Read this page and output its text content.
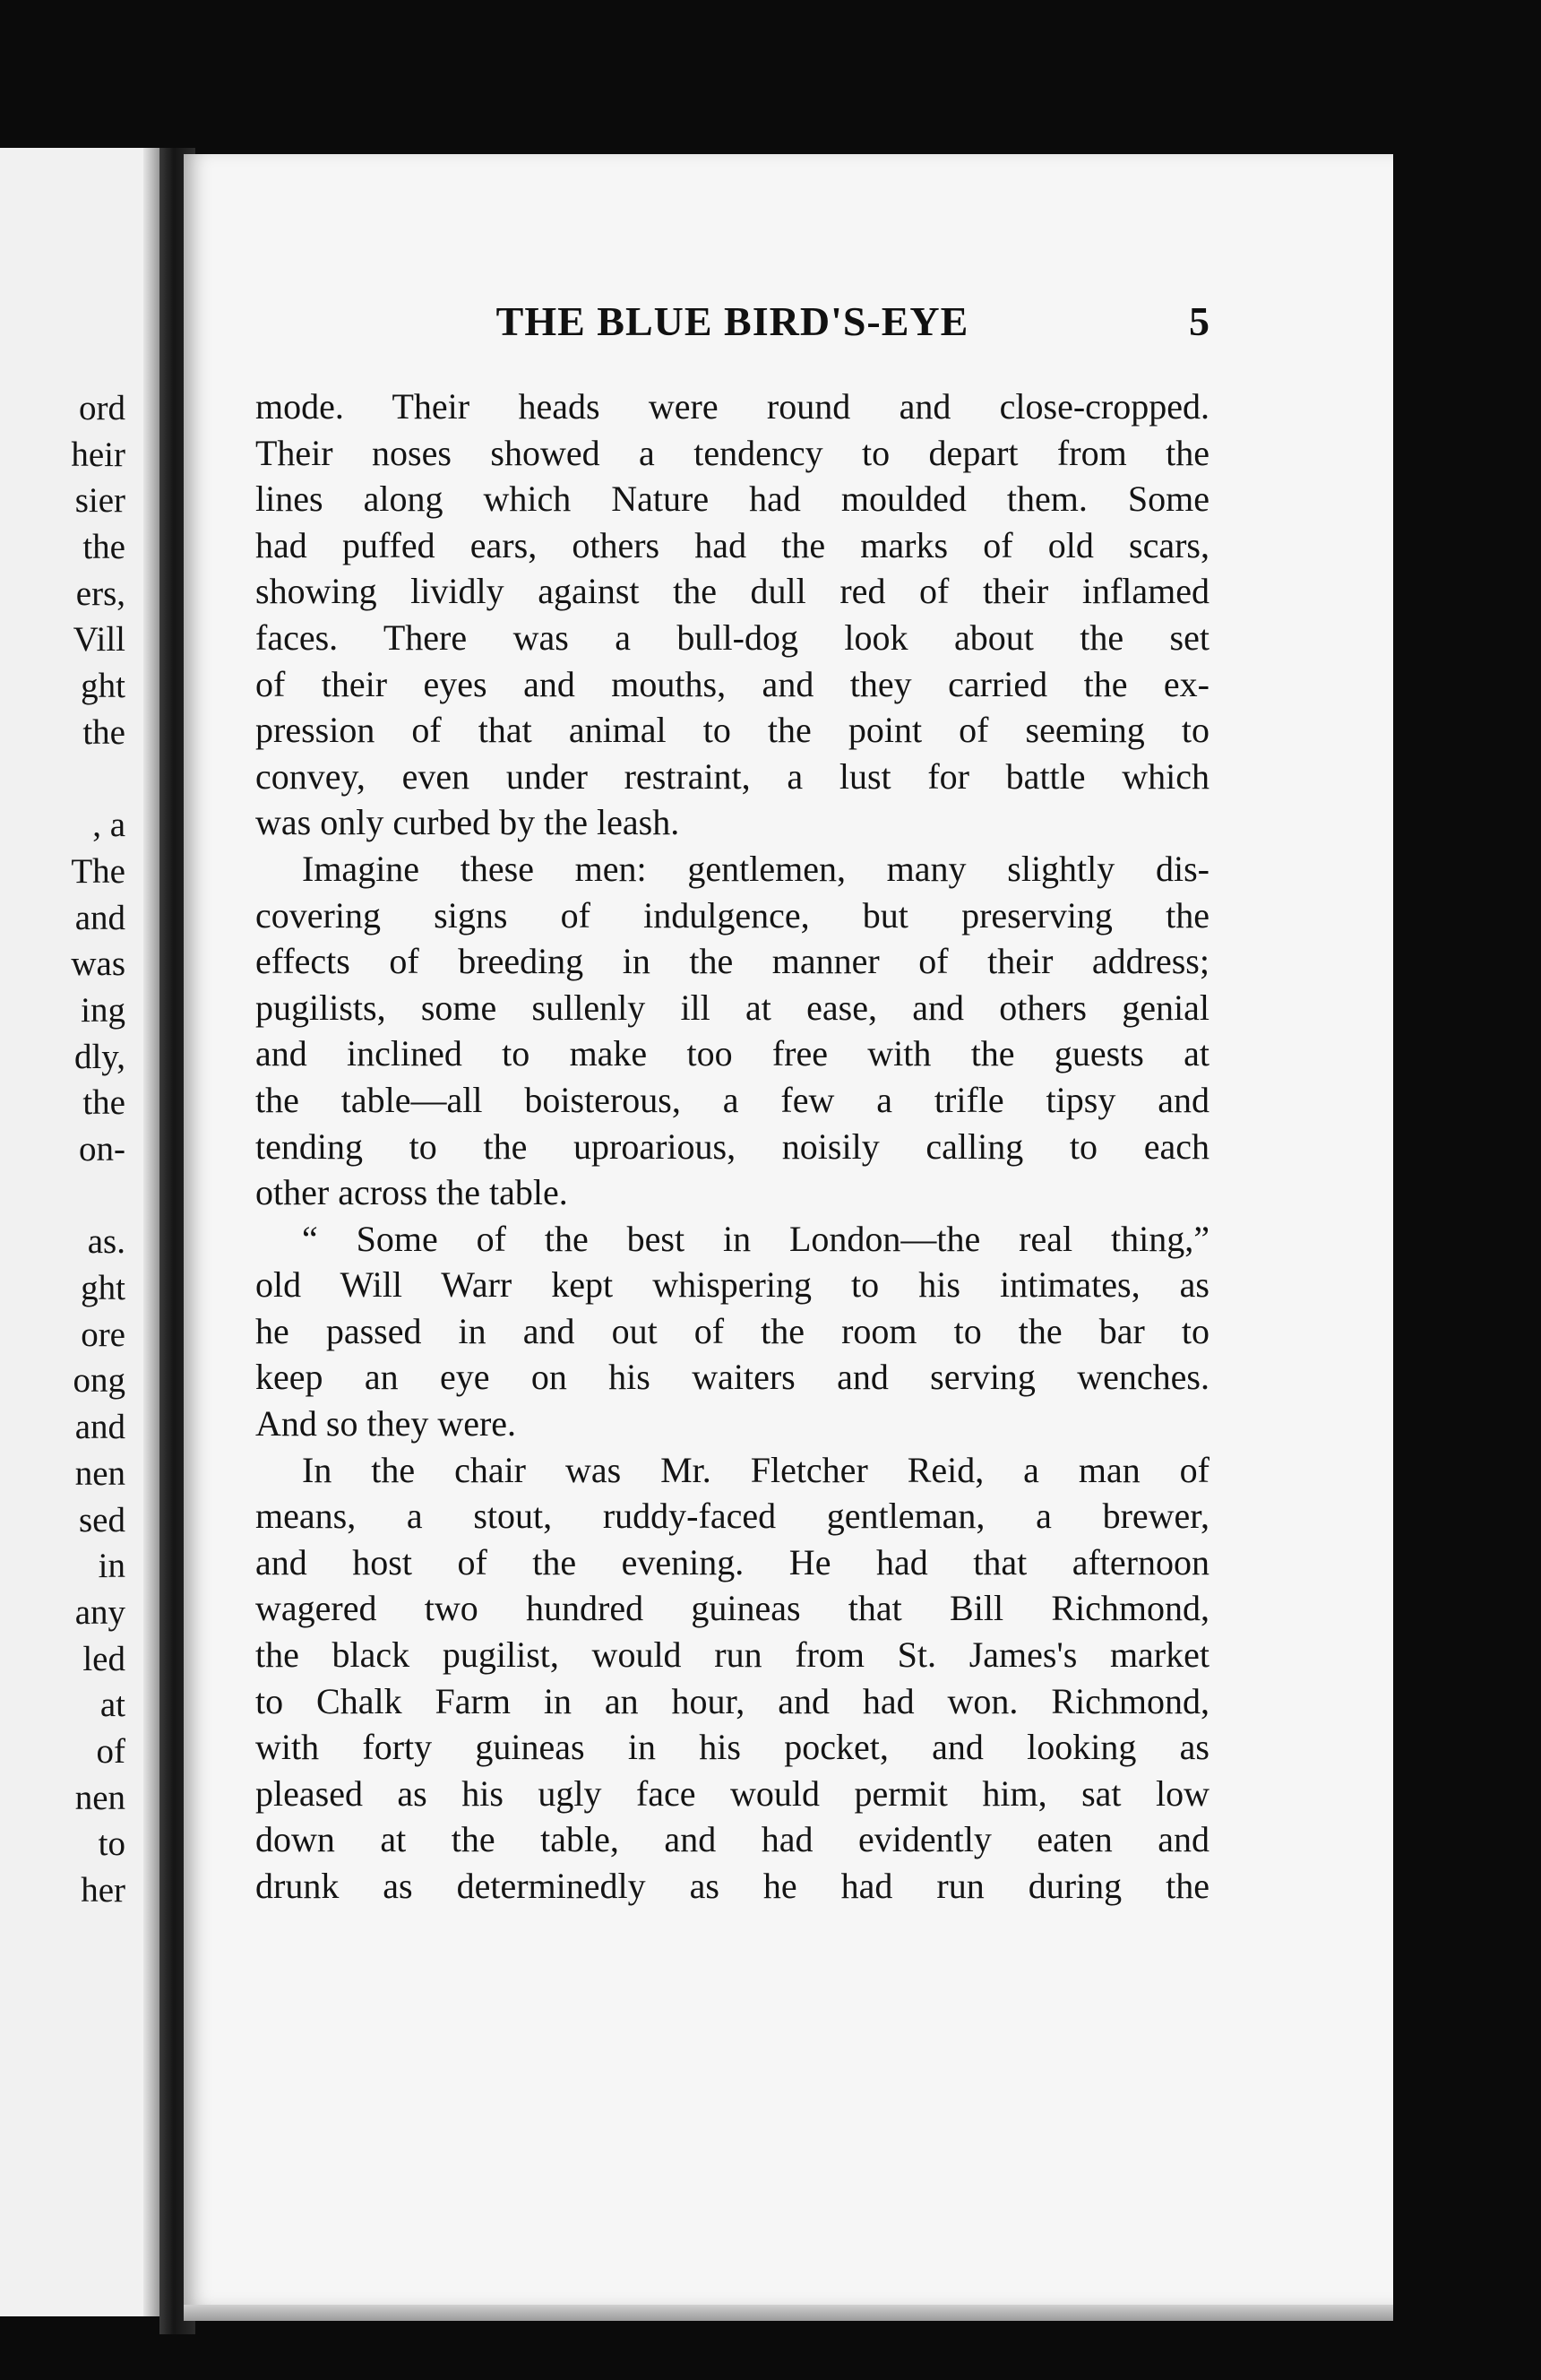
ord
heir
sier
the
ers,
Vill
ght
the
, a
The
and
was
ing
dly,
the
on-
as.
ght
ore
ong
and
nen
sed
in
any
led
at
of
nen
to
her
THE BLUE BIRD'S-EYE	5
mode. Their heads were round and close-cropped.
Their noses showed a tendency to depart from the
lines along which Nature had moulded them. Some
had puffed ears, others had the marks of old scars,
showing lividly against the dull red of their inflamed
faces. There was a bull-dog look about the set
of their eyes and mouths, and they carried the ex-
pression of that animal to the point of seeming to
convey, even under restraint, a lust for battle which
was only curbed by the leash.
Imagine these men: gentlemen, many slightly dis-
covering signs of indulgence, but preserving the
effects of breeding in the manner of their address;
pugilists, some sullenly ill at ease, and others genial
and inclined to make too free with the guests at
the table—all boisterous, a few a trifle tipsy and
tending to the uproarious, noisily calling to each
other across the table.
“ Some of the best in London—the real thing,”
old Will Warr kept whispering to his intimates, as
he passed in and out of the room to the bar to
keep an eye on his waiters and serving wenches.
And so they were.
In the chair was Mr. Fletcher Reid, a man of
means, a stout, ruddy-faced gentleman, a brewer,
and host of the evening. He had that afternoon
wagered two hundred guineas that Bill Richmond,
the black pugilist, would run from St. James's market
to Chalk Farm in an hour, and had won. Richmond,
with forty guineas in his pocket, and looking as
pleased as his ugly face would permit him, sat low
down at the table, and had evidently eaten and
drunk as determinedly as he had run during the
